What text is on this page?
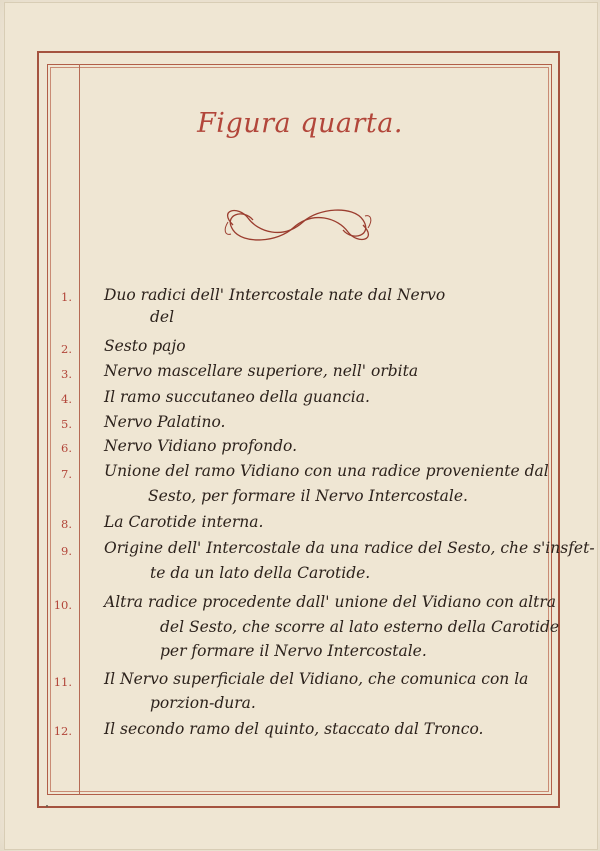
Figura quarta.
1. Duo radici dell' Intercostale nate dal Nervo
del
2. Sesto pajo
3. Nervo mascellare superiore, nell' orbita
4. Il ramo succutaneo della guancia.
5. Nervo Palatino.
6. Nervo Vidiano profondo.
7. Unione del ramo Vidiano con una radice proveniente dal
Sesto, per formare il Nervo Intercostale.
8. La Carotide interna.
9. Origine dell' Intercostale da una radice del Sesto, che s'insfet-
te da un lato della Carotide.
10. Altra radice procedente dall' unione del Vidiano con altra
del Sesto, che scorre al lato esterno della Carotide
per formare il Nervo Intercostale.
11. Il Nervo superficiale del Vidiano, che comunica con la
porzion-dura.
12. Il secondo ramo del quinto, staccato dal Tronco.
